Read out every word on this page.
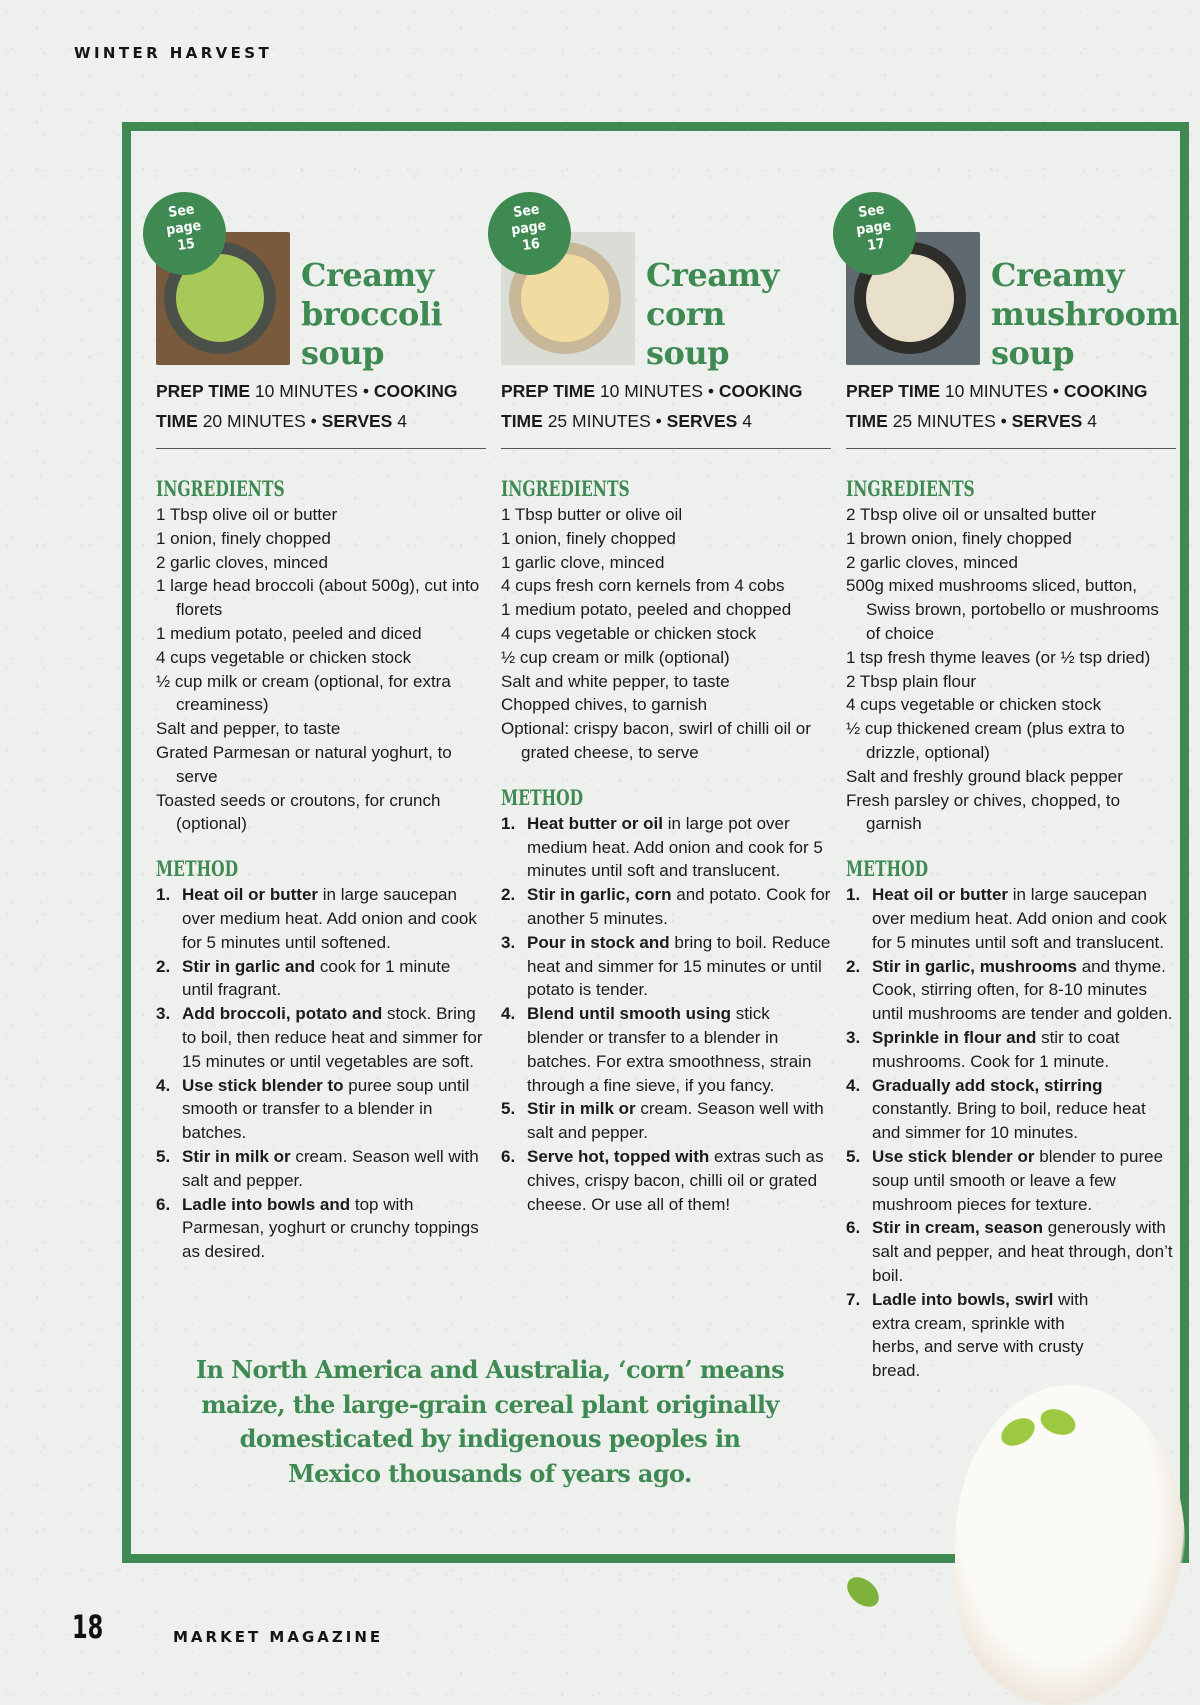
WINTER HARVEST
See
page
15
Creamy
broccoli
soup
PREP TIME 10 MINUTES • COOKING
TIME 20 MINUTES • SERVES 4
INGREDIENTS
1 Tbsp olive oil or butter
1 onion, finely chopped
2 garlic cloves, minced
1 large head broccoli (about 500g), cut into florets
1 medium potato, peeled and diced
4 cups vegetable or chicken stock
½ cup milk or cream (optional, for extra creaminess)
Salt and pepper, to taste
Grated Parmesan or natural yoghurt, to serve
Toasted seeds or croutons, for crunch (optional)
METHOD
1. Heat oil or butter in large saucepan over medium heat. Add onion and cook for 5 minutes until softened.
2. Stir in garlic and cook for 1 minute until fragrant.
3. Add broccoli, potato and stock. Bring to boil, then reduce heat and simmer for 15 minutes or until vegetables are soft.
4. Use stick blender to puree soup until smooth or transfer to a blender in batches.
5. Stir in milk or cream. Season well with salt and pepper.
6. Ladle into bowls and top with Parmesan, yoghurt or crunchy toppings as desired.
See
page
16
Creamy
corn
soup
PREP TIME 10 MINUTES • COOKING
TIME 25 MINUTES • SERVES 4
INGREDIENTS
1 Tbsp butter or olive oil
1 onion, finely chopped
1 garlic clove, minced
4 cups fresh corn kernels from 4 cobs
1 medium potato, peeled and chopped
4 cups vegetable or chicken stock
½ cup cream or milk (optional)
Salt and white pepper, to taste
Chopped chives, to garnish
Optional: crispy bacon, swirl of chilli oil or grated cheese, to serve
METHOD
1. Heat butter or oil in large pot over medium heat. Add onion and cook for 5 minutes until soft and translucent.
2. Stir in garlic, corn and potato. Cook for another 5 minutes.
3. Pour in stock and bring to boil. Reduce heat and simmer for 15 minutes or until potato is tender.
4. Blend until smooth using stick blender or transfer to a blender in batches. For extra smoothness, strain through a fine sieve, if you fancy.
5. Stir in milk or cream. Season well with salt and pepper.
6. Serve hot, topped with extras such as chives, crispy bacon, chilli oil or grated cheese. Or use all of them!
See
page
17
Creamy
mushroom
soup
PREP TIME 10 MINUTES • COOKING
TIME 25 MINUTES • SERVES 4
INGREDIENTS
2 Tbsp olive oil or unsalted butter
1 brown onion, finely chopped
2 garlic cloves, minced
500g mixed mushrooms sliced, button, Swiss brown, portobello or mushrooms of choice
1 tsp fresh thyme leaves (or ½ tsp dried)
2 Tbsp plain flour
4 cups vegetable or chicken stock
½ cup thickened cream (plus extra to drizzle, optional)
Salt and freshly ground black pepper
Fresh parsley or chives, chopped, to garnish
METHOD
1. Heat oil or butter in large saucepan over medium heat. Add onion and cook for 5 minutes until soft and translucent.
2. Stir in garlic, mushrooms and thyme. Cook, stirring often, for 8-10 minutes until mushrooms are tender and golden.
3. Sprinkle in flour and stir to coat mushrooms. Cook for 1 minute.
4. Gradually add stock, stirring constantly. Bring to boil, reduce heat and simmer for 10 minutes.
5. Use stick blender or blender to puree soup until smooth or leave a few mushroom pieces for texture.
6. Stir in cream, season generously with salt and pepper, and heat through, don’t boil.
7. Ladle into bowls, swirl with extra cream, sprinkle with herbs, and serve with crusty bread.
In North America and Australia, ‘corn’ means maize, the large-grain cereal plant originally domesticated by indigenous peoples in Mexico thousands of years ago.
18	MARKET MAGAZINE
